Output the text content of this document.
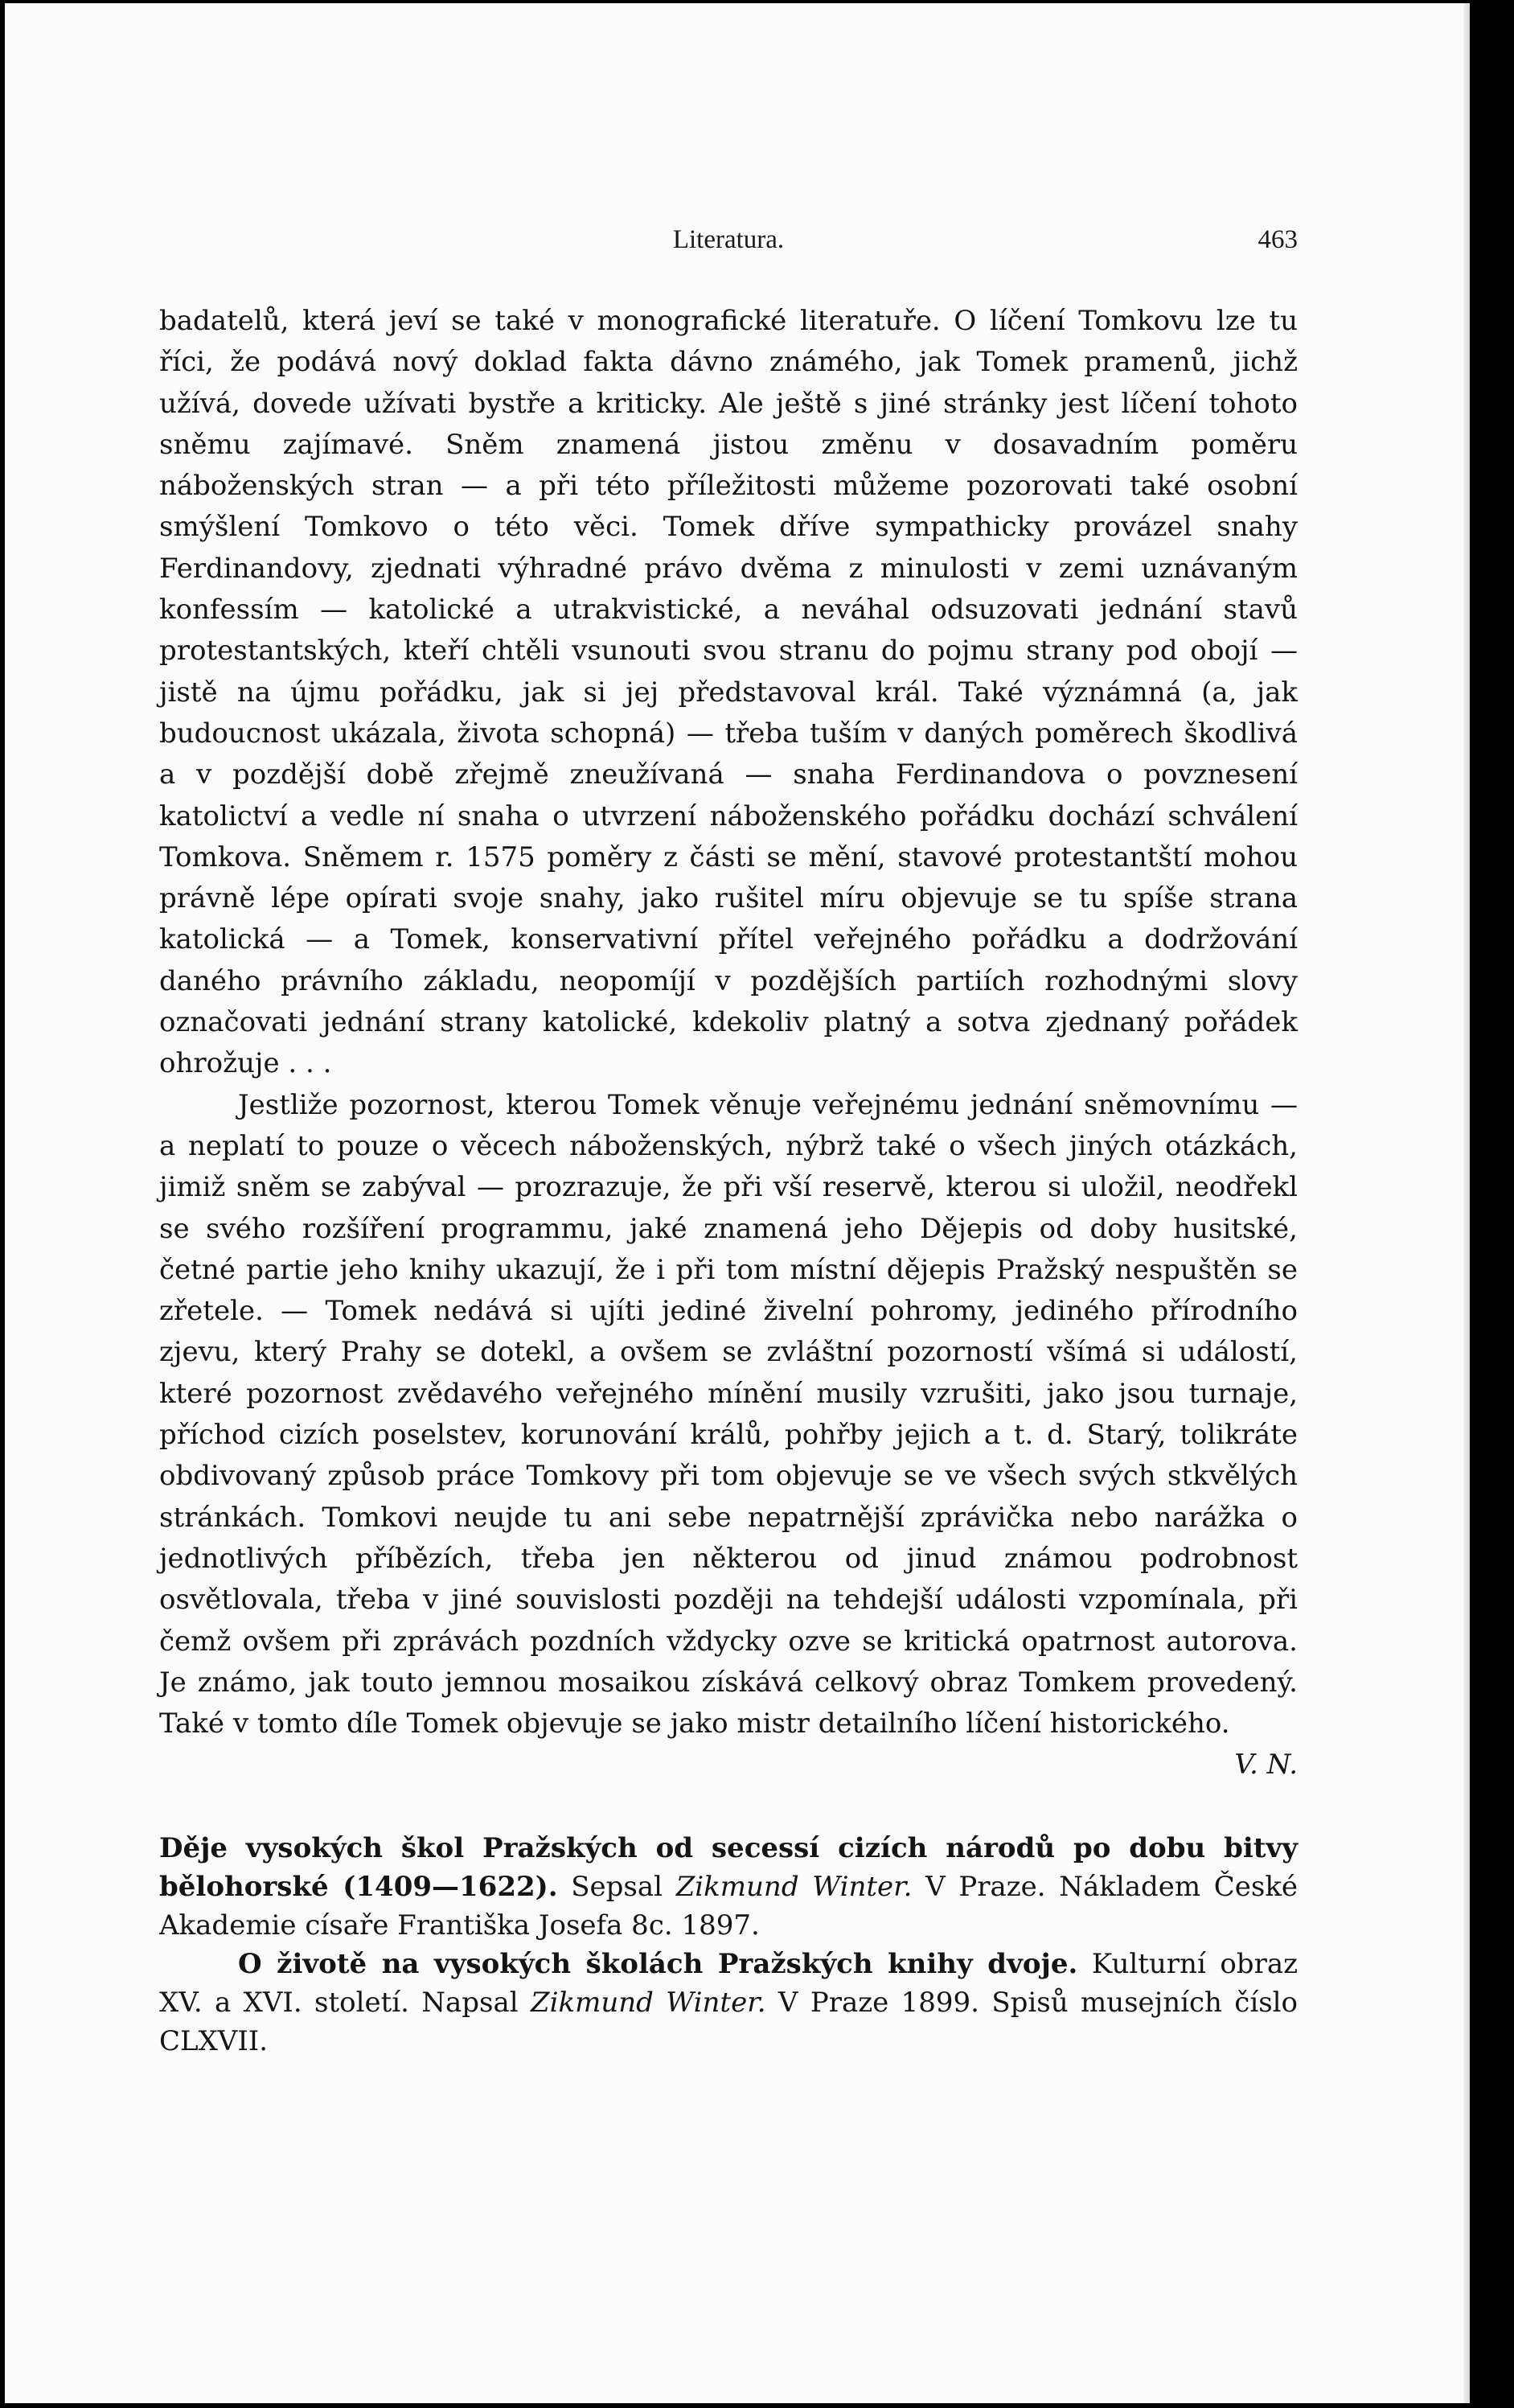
Literatura.	463

badatelů, která jeví se také v monografické literatuře. O líčení Tomkovu lze tu říci, že podává nový doklad fakta dávno známého, jak Tomek pramenů, jichž užívá, dovede užívati bystře a kriticky. Ale ještě s jiné stránky jest líčení tohoto sněmu zajímavé. Sněm znamená jistou změnu v dosavadním poměru náboženských stran — a při této příležitosti můžeme pozorovati také osobní smýšlení Tomkovo o této věci. Tomek dříve sympathicky provázel snahy Ferdinandovy, zjednati výhradné právo dvěma z minulosti v zemi uznávaným konfessím — katolické a utrakvistické, a neváhal odsuzovati jednání stavů protestantských, kteří chtěli vsunouti svou stranu do pojmu strany pod obojí — jistě na újmu pořádku, jak si jej představoval král. Také význámná (a, jak budoucnost ukázala, života schopná) — třeba tuším v daných poměrech škodlivá a v pozdější době zřejmě zneužívaná — snaha Ferdinandova o povznesení katolictví a vedle ní snaha o utvrzení náboženského pořádku dochází schválení Tomkova. Sněmem r. 1575 poměry z části se mění, stavové protestantští mohou právně lépe opírati svoje snahy, jako rušitel míru objevuje se tu spíše strana katolická — a Tomek, konservativní přítel veřejného pořádku a dodržování daného právního základu, neopomíjí v pozdějších partiích rozhodnými slovy označovati jednání strany katolické, kdekoliv platný a sotva zjednaný pořádek ohrožuje . . .

Jestliže pozornost, kterou Tomek věnuje veřejnému jednání sněmovnímu — a neplatí to pouze o věcech náboženských, nýbrž také o všech jiných otázkách, jimiž sněm se zabýval — prozrazuje, že při vší reservě, kterou si uložil, neodřekl se svého rozšíření programmu, jaké znamená jeho Dějepis od doby husitské, četné partie jeho knihy ukazují, že i při tom místní dějepis Pražský nespuštěn se zřetele. — Tomek nedává si ujíti jediné živelní pohromy, jediného přírodního zjevu, který Prahy se dotekl, a ovšem se zvláštní pozorností všímá si událostí, které pozornost zvědavého veřejného mínění musily vzrušiti, jako jsou turnaje, příchod cizích poselstev, korunování králů, pohřby jejich a t. d. Starý, tolikráte obdivovaný způsob práce Tomkovy při tom objevuje se ve všech svých stkvělých stránkách. Tomkovi neujde tu ani sebe nepatrnější zprávička nebo narážka o jednotlivých příbězích, třeba jen některou od jinud známou podrobnost osvětlovala, třeba v jiné souvislosti později na tehdejší události vzpomínala, při čemž ovšem při zprávách pozdních vždycky ozve se kritická opatrnost autorova. Je známo, jak touto jemnou mosaikou získává celkový obraz Tomkem provedený. Také v tomto díle Tomek objevuje se jako mistr detailního líčení historického.

V. N.

Děje vysokých škol Pražských od secessí cizích národů po dobu bitvy bělohorské (1409—1622). Sepsal Zikmund Winter. V Praze. Nákladem České Akademie císaře Františka Josefa 8c. 1897.

O životě na vysokých školách Pražských knihy dvoje. Kulturní obraz XV. a XVI. století. Napsal Zikmund Winter. V Praze 1899. Spisů musejních číslo CLXVII.
